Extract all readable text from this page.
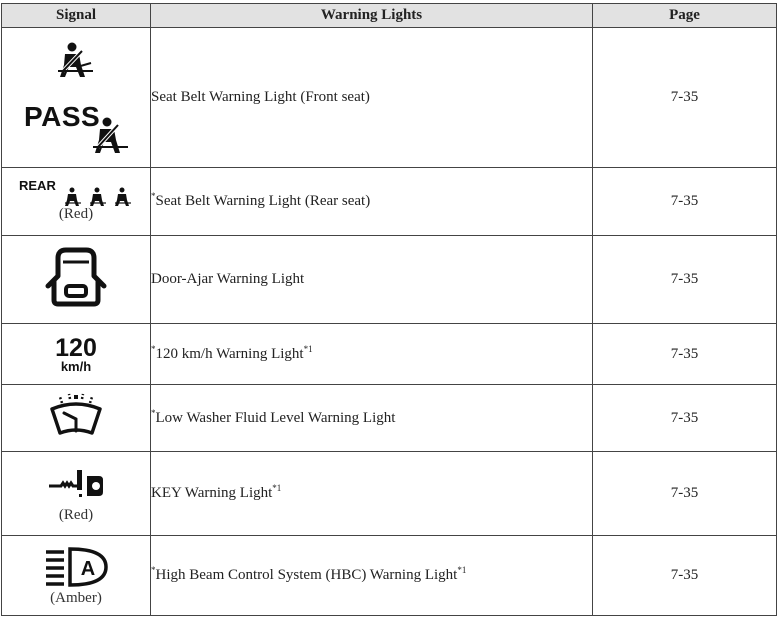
Signal	Warning Lights	Page

PASS	Seat Belt Warning Light (Front seat)	7-35

REAR
(Red)	*Seat Belt Warning Light (Rear seat)	7-35
	Door-Ajar Warning Light	7-35

120
km/h	*120 km/h Warning Light$^{*1}$	7-35
	*Low Washer Fluid Level Warning Light	7-35

(Red)	KEY Warning Light$^{*1}$	7-35

A
(Amber)	*High Beam Control System (HBC) Warning Light$^{*1}$	7-35
